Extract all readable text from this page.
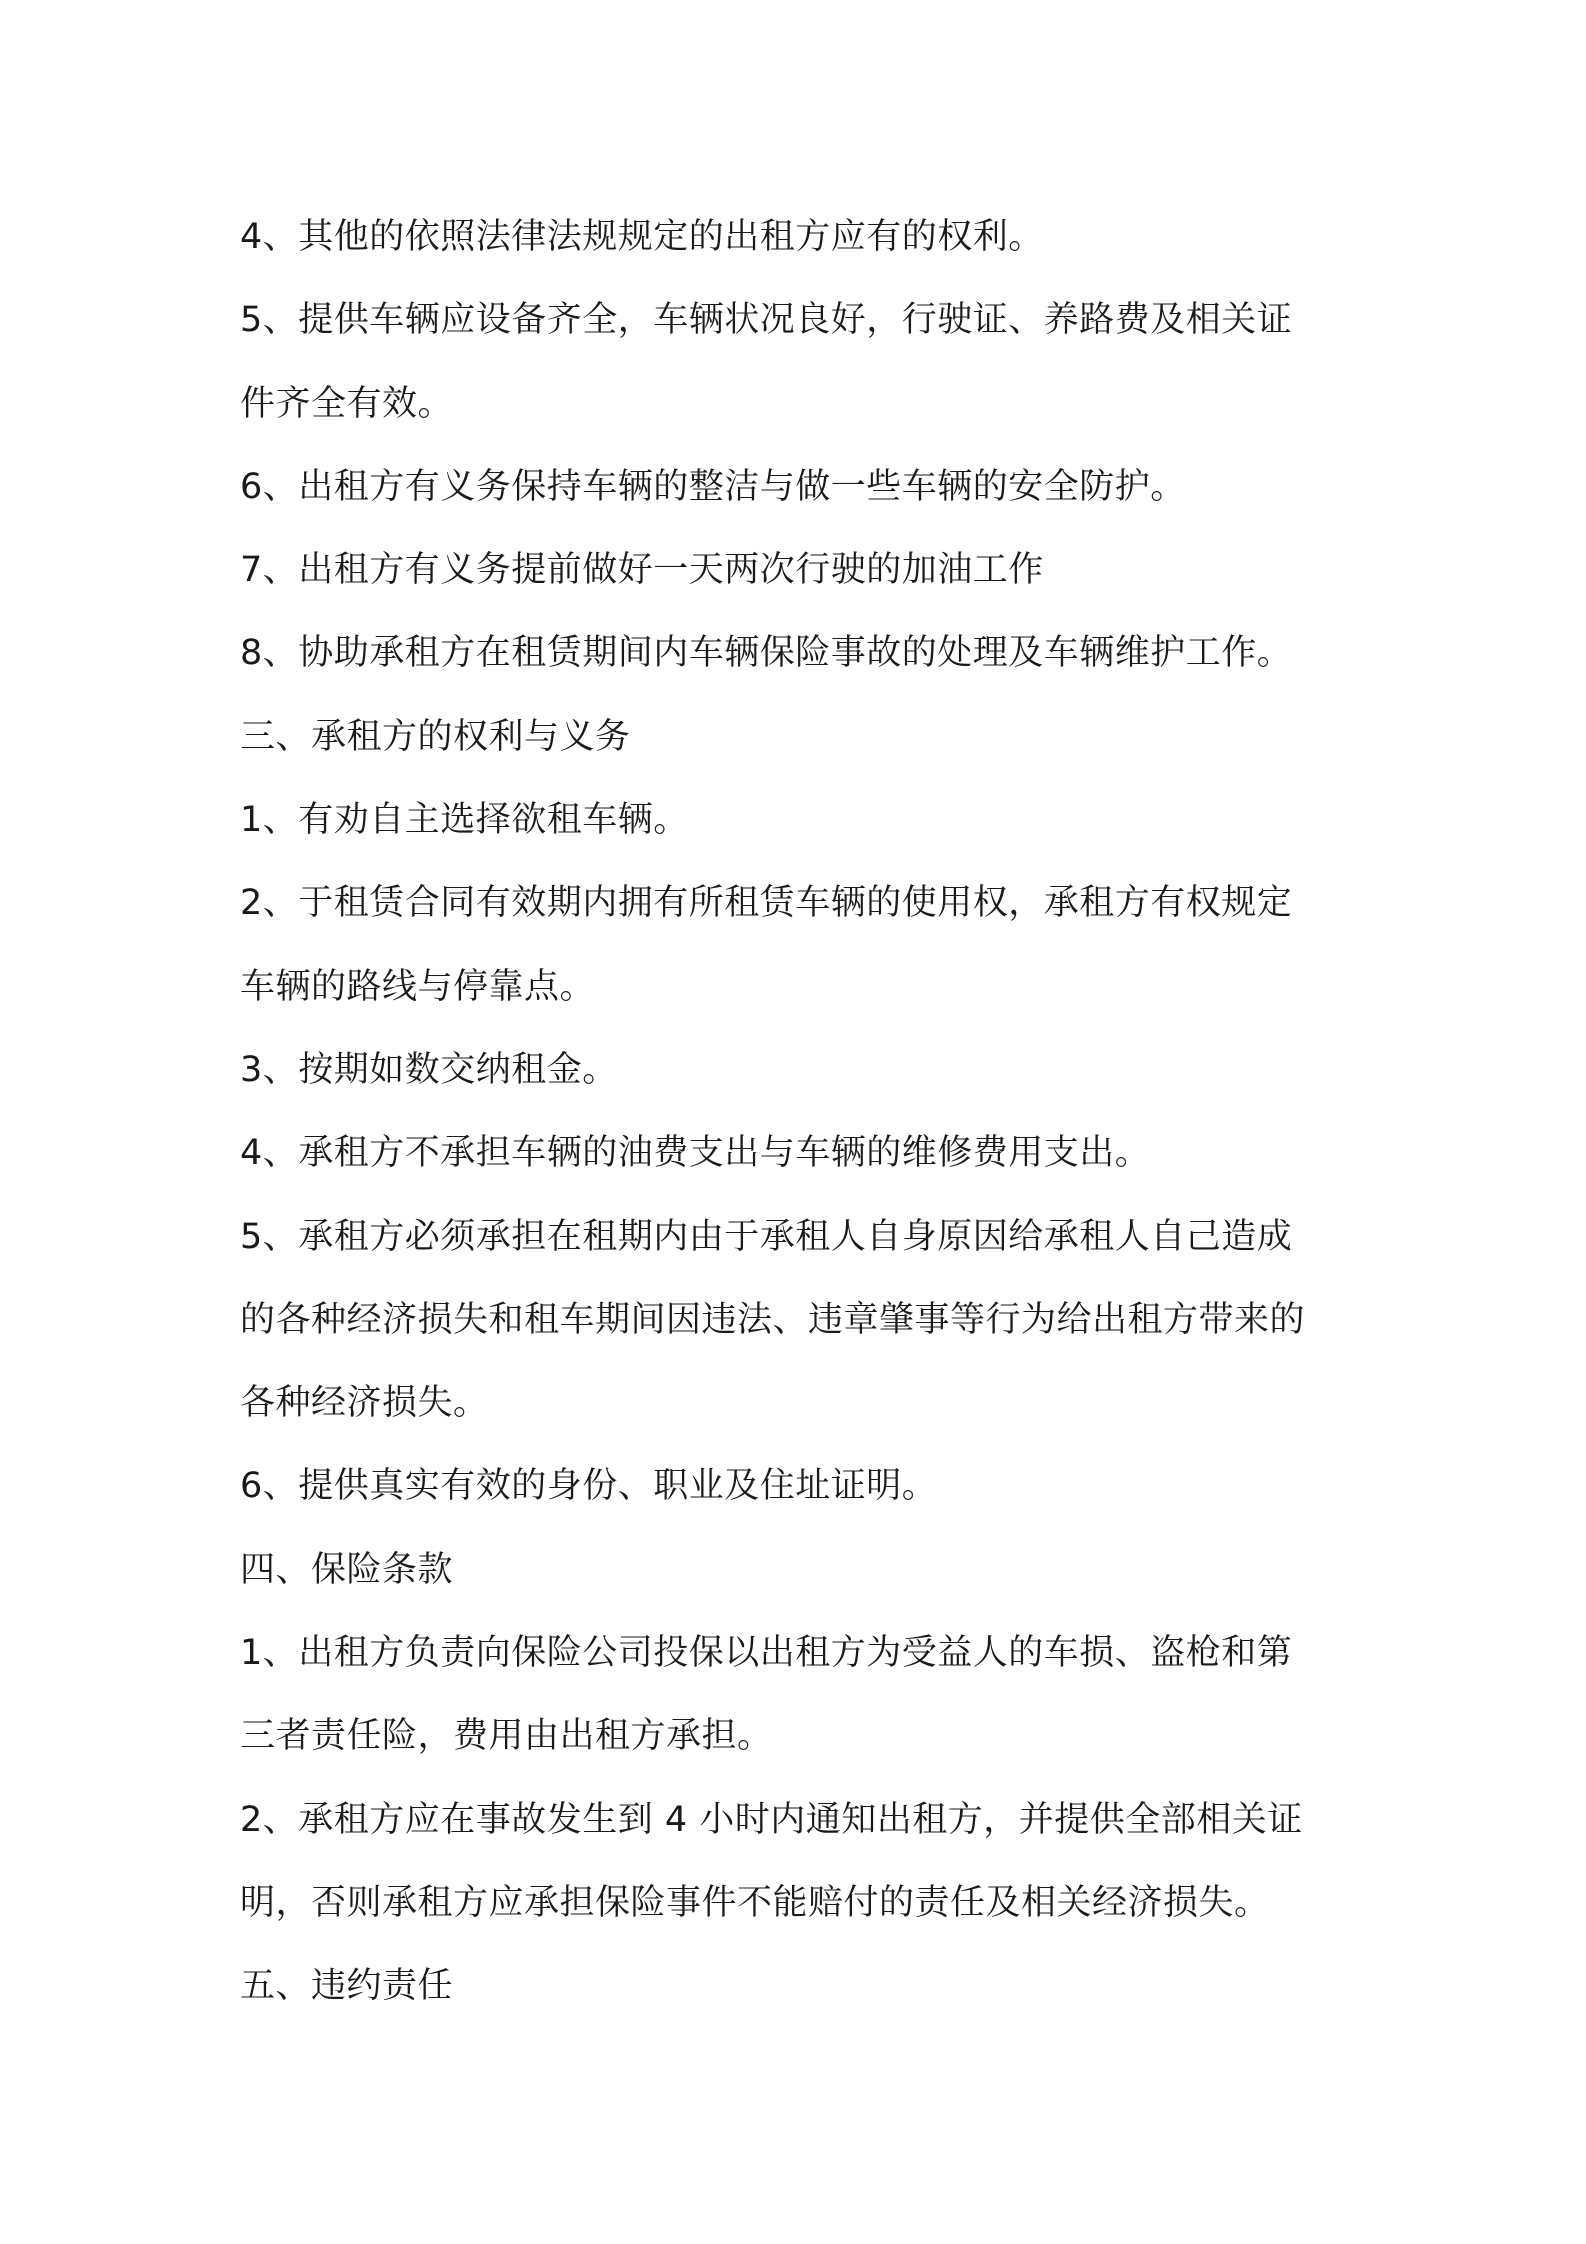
4、其他的依照法律法规规定的出租方应有的权利。
5、提供车辆应设备齐全，车辆状况良好，行驶证、养路费及相关证
件齐全有效。
6、出租方有义务保持车辆的整洁与做一些车辆的安全防护。
7、出租方有义务提前做好一天两次行驶的加油工作
8、协助承租方在租赁期间内车辆保险事故的处理及车辆维护工作。
三、承租方的权利与义务
1、有劝自主选择欲租车辆。
2、于租赁合同有效期内拥有所租赁车辆的使用权，承租方有权规定
车辆的路线与停靠点。
3、按期如数交纳租金。
4、承租方不承担车辆的油费支出与车辆的维修费用支出。
5、承租方必须承担在租期内由于承租人自身原因给承租人自己造成
的各种经济损失和租车期间因违法、违章肇事等行为给出租方带来的
各种经济损失。
6、提供真实有效的身份、职业及住址证明。
四、保险条款
1、出租方负责向保险公司投保以出租方为受益人的车损、盗枪和第
三者责任险，费用由出租方承担。
2、承租方应在事故发生到 4 小时内通知出租方，并提供全部相关证
明，否则承租方应承担保险事件不能赔付的责任及相关经济损失。
五、违约责任
